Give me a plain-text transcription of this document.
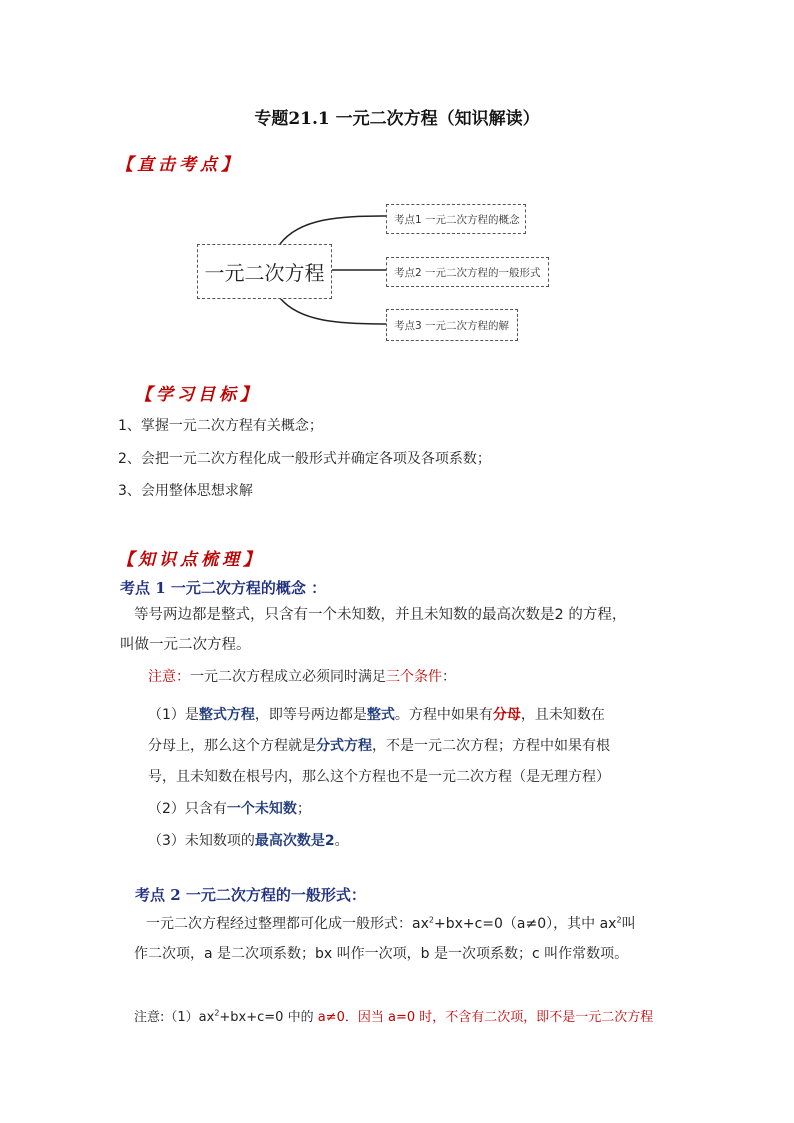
专题21.1 一元二次方程（知识解读）
【直击考点】
一元二次方程
考点1 一元二次方程的概念
考点2 一元二次方程的一般形式
考点3 一元二次方程的解
【学习目标】
1、掌握一元二次方程有关概念；
2、会把一元二次方程化成一般形式并确定各项及各项系数；
3、会用整体思想求解
【知识点梳理】
考点 1 一元二次方程的概念 ：
等号两边都是整式，只含有一个未知数，并且未知数的最高次数是2 的方程，
叫做一元二次方程。
注意：一元二次方程成立必须同时满足三个条件：
（1）是整式方程，即等号两边都是整式。方程中如果有分母，且未知数在
分母上，那么这个方程就是分式方程，不是一元二次方程；方程中如果有根
号，且未知数在根号内，那么这个方程也不是一元二次方程（是无理方程）
（2）只含有一个未知数；
（3）未知数项的最高次数是2。
考点 2 一元二次方程的一般形式：
一元二次方程经过整理都可化成一般形式：$ax^2+bx+c=0(a\ne 0)$，其中 $ax^2$叫
作二次项，a 是二次项系数；bx 叫作一次项，b 是一次项系数；c 叫作常数项。
注意$:(1)ax^2+bx+c=0$ 中的 a≠0．因当 a=0 时，不含有二次项，即不是一元二次方程
